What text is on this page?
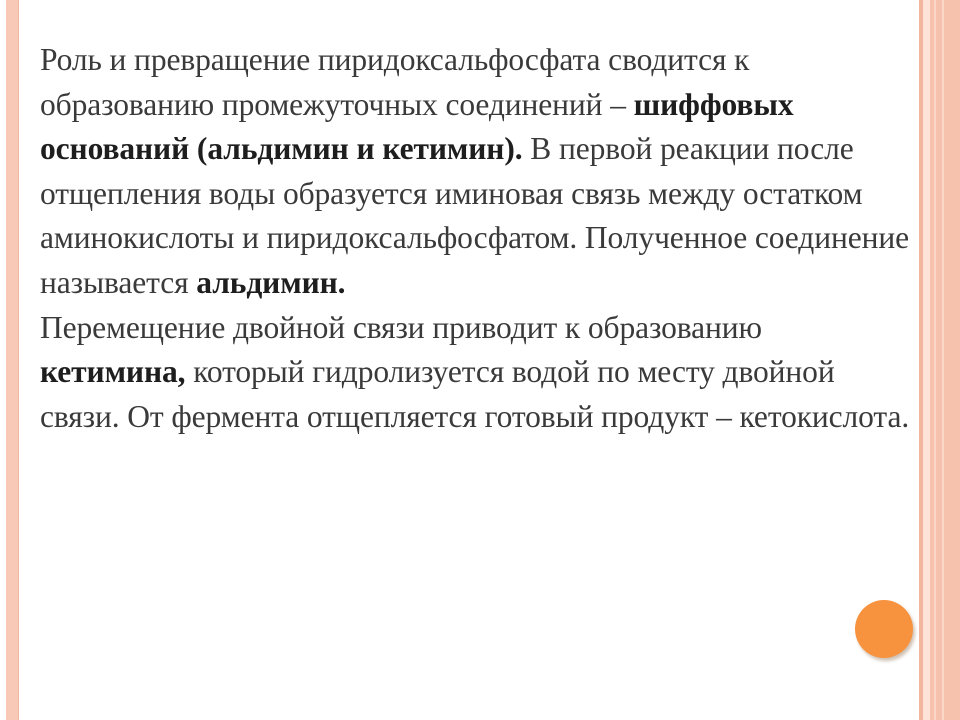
Роль и превращение пиридоксальфосфата сводится к образованию промежуточных соединений – шиффовых оснований (альдимин и кетимин). В первой реакции после отщепления воды образуется иминовая связь между остатком аминокислоты и пиридоксальфосфатом. Полученное соединение называется альдимин.

Перемещение двойной связи приводит к образованию кетимина, который гидролизуется водой по месту двойной связи. От фермента отщепляется готовый продукт – кетокислота.
